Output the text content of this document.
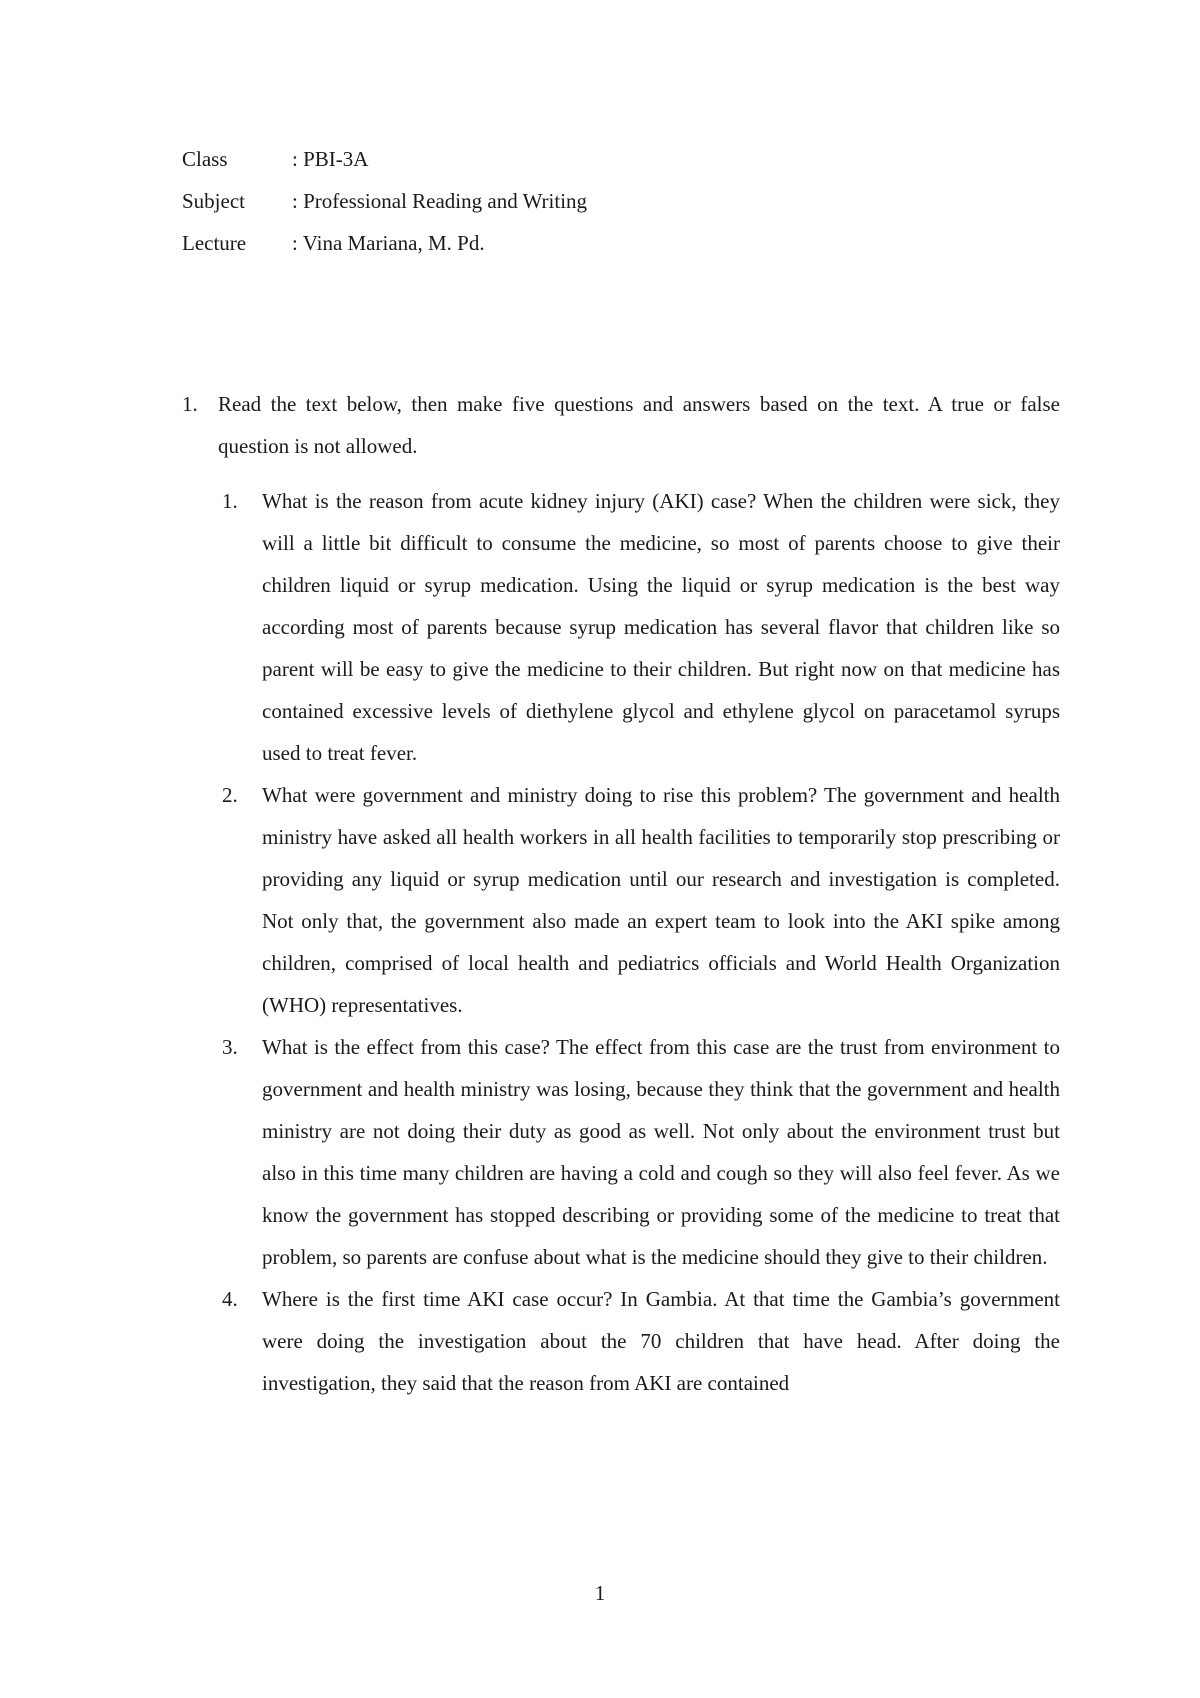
Class	: PBI-3A
Subject	: Professional Reading and Writing
Lecture	: Vina Mariana, M. Pd.
1. Read the text below, then make five questions and answers based on the text. A true or false question is not allowed.
1.	What is the reason from acute kidney injury (AKI) case? When the children were sick, they will a little bit difficult to consume the medicine, so most of parents choose to give their children liquid or syrup medication. Using the liquid or syrup medication is the best way according most of parents because syrup medication has several flavor that children like so parent will be easy to give the medicine to their children. But right now on that medicine has contained excessive levels of diethylene glycol and ethylene glycol on paracetamol syrups used to treat fever.
2.	What were government and ministry doing to rise this problem? The government and health ministry have asked all health workers in all health facilities to temporarily stop prescribing or providing any liquid or syrup medication until our research and investigation is completed. Not only that, the government also made an expert team to look into the AKI spike among children, comprised of local health and pediatrics officials and World Health Organization (WHO) representatives.
3.	What is the effect from this case? The effect from this case are the trust from environment to government and health ministry was losing, because they think that the government and health ministry are not doing their duty as good as well. Not only about the environment trust but also in this time many children are having a cold and cough so they will also feel fever. As we know the government has stopped describing or providing some of the medicine to treat that problem, so parents are confuse about what is the medicine should they give to their children.
4.	Where is the first time AKI case occur? In Gambia. At that time the Gambia’s government were doing the investigation about the 70 children that have head. After doing the investigation, they said that the reason from AKI are contained
1
